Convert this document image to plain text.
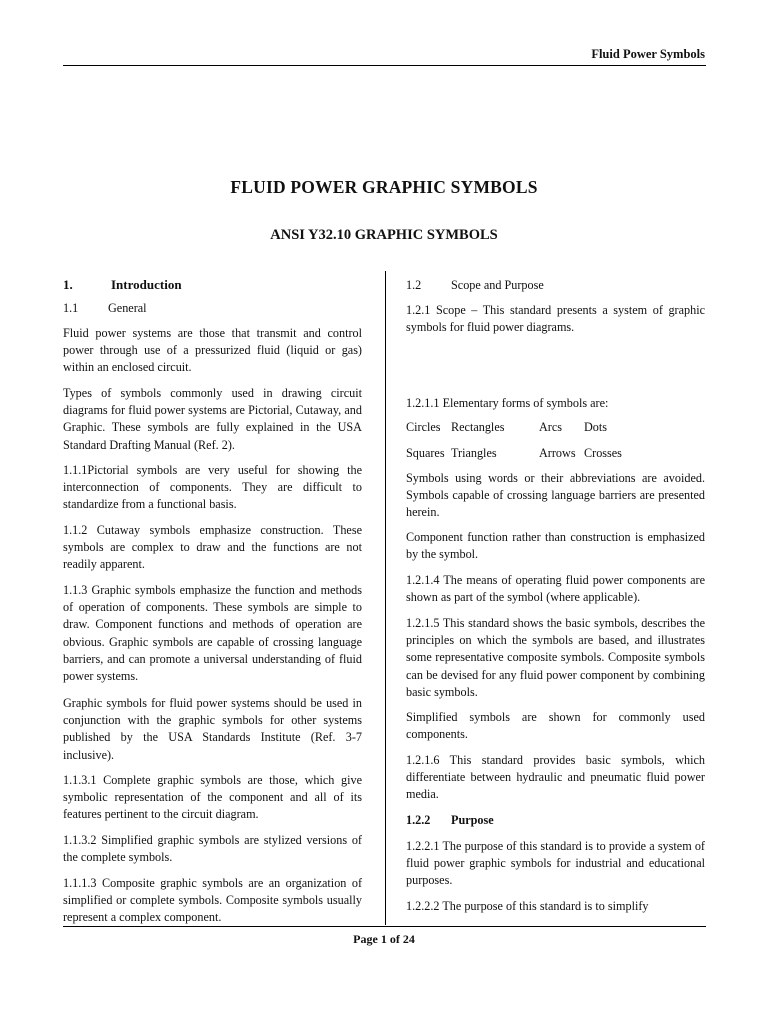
Fluid Power Symbols
FLUID POWER GRAPHIC SYMBOLS
ANSI Y32.10 GRAPHIC SYMBOLS

1.	Introduction

1.1 General

Fluid power systems are those that transmit and control power through use of a pressurized fluid (liquid or gas) within an enclosed circuit.

Types of symbols commonly used in drawing circuit diagrams for fluid power systems are Pictorial, Cutaway, and Graphic. These symbols are fully explained in the USA Standard Drafting Manual (Ref. 2).

1.1.1Pictorial symbols are very useful for showing the interconnection of components. They are difficult to standardize from a functional basis.

1.1.2 Cutaway symbols emphasize construction. These symbols are complex to draw and the functions are not readily apparent.

1.1.3 Graphic symbols emphasize the function and methods of operation of components. These symbols are simple to draw. Component functions and methods of operation are obvious. Graphic symbols are capable of crossing language barriers, and can promote a universal understanding of fluid power systems.

Graphic symbols for fluid power systems should be used in conjunction with the graphic symbols for other systems published by the USA Standards Institute (Ref. 3-7 inclusive).

1.1.3.1 Complete graphic symbols are those, which give symbolic representation of the component and all of its features pertinent to the circuit diagram.

1.1.3.2 Simplified graphic symbols are stylized versions of the complete symbols.

1.1.1.3 Composite graphic symbols are an organization of simplified or complete symbols. Composite symbols usually represent a complex component.

1.2 Scope and Purpose

1.2.1 Scope – This standard presents a system of graphic symbols for fluid power diagrams.

1.2.1.1 Elementary forms of symbols are:

Circles Rectangles	Arcs Dots

Squares Triangles	Arrows Crosses

Symbols using words or their abbreviations are avoided. Symbols capable of crossing language barriers are presented herein.

Component function rather than construction is emphasized by the symbol.

1.2.1.4 The means of operating fluid power components are shown as part of the symbol (where applicable).

1.2.1.5 This standard shows the basic symbols, describes the principles on which the symbols are based, and illustrates some representative composite symbols. Composite symbols can be devised for any fluid power component by combining basic symbols.

Simplified symbols are shown for commonly used components.

1.2.1.6 This standard provides basic symbols, which differentiate between hydraulic and pneumatic fluid power media.

1.2.2 Purpose

1.2.2.1 The purpose of this standard is to provide a system of fluid power graphic symbols for industrial and educational purposes.

1.2.2.2 The purpose of this standard is to simplify

Page 1 of 24
